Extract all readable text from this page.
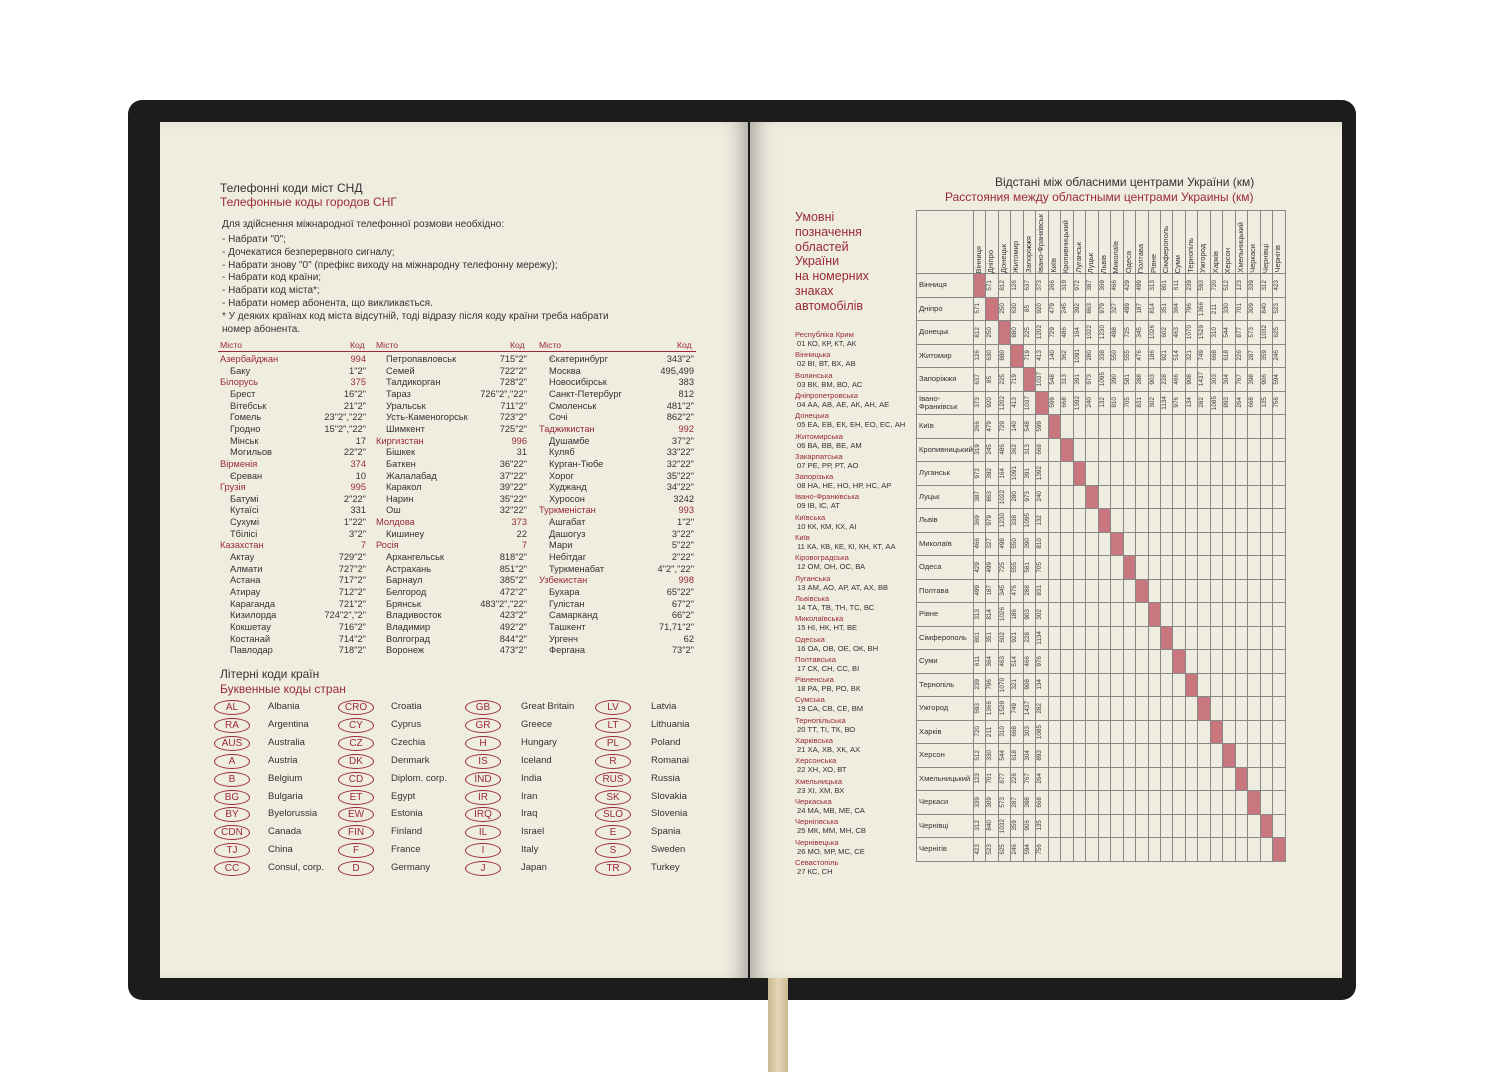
Телефонні коди міст СНД
Телефонные коды городов СНГ
Для здійснення міжнародної телефонної розмови необхідно:
- Набрати "0";
- Дочекатися безперервного сигналу;
- Набрати знову "0" (префікс виходу на міжнародну телефонну мережу);
- Набрати код країни;
- Набрати код міста*;
- Набрати номер абонента, що викликається.
* У деяких країнах код міста відсутній, тоді відразу після коду країни треба набрати
номер абонента.
Місто	Код Місто	Код Місто	Код
Азербайджан	994
Баку	1"2"
Білорусь	375
Брест	16"2"
Вітебськ	21"2"
Гомель	23"2","22"
Гродно	15"2","22"
Мінськ	17
Могильов	22"2"
Вірменія	374
Єреван	10
Грузія	995
Батумі	2"22"
Кутаїсі	331
Сухумі	1"22"
Тбілісі	3"2"
Казахстан	7
Актау	729"2"
Алмати	727"2"
Астана	717"2"
Атирау	712"2"
Караганда	721"2"
Кизилорда	724"2","2"
Кокшетау	716"2"
Костанай	714"2"
Павлодар	718"2"
Петропавловськ	715"2"
Семей	722"2"
Талдикорган	728"2"
Тараз	726"2","22"
Уральськ	711"2"
Усть-Каменогорськ	723"2"
Шимкент	725"2"
Киргизстан	996
Бішкек	31
Баткен	36"22"
Жалалабад	37"22"
Каракол	39"22"
Нарин	35"22"
Ош	32"22"
Молдова	373
Кишинеу	22
Росія	7
Архангельськ	818"2"
Астрахань	851"2"
Барнаул	385"2"
Белгород	472"2"
Брянськ	483"2","22"
Владивосток	423"2"
Владимир	492"2"
Волгоград	844"2"
Воронеж	473"2"
Єкатеринбург	343"2"
Москва	495,499
Новосибірськ	383
Санкт-Петербург	812
Смоленськ	481"2"
Сочі	862"2"
Таджикистан	992
Душамбе	37"2"
Куляб	33"22"
Курган-Тюбе	32"22"
Хорог	35"22"
Худжанд	34"22"
Хуросон	3242
Туркменістан	993
Ашгабат	1"2"
Дашогуз	3"22"
Мари	5"22"
Небітдаг	2"22"
Туркменабат	4"2","22"
Узбекистан	998
Бухара	65"22"
Гулістан	67"2"
Самарканд	66"2"
Ташкент	71,71"2"
Ургенч	62
Фергана	73"2"
Літерні коди країн
Буквенные коды стран
AL	Albania
RA	Argentina
AUS	Australia
A	Austria
B	Belgium
BG	Bulgaria
BY	Byelorussia
CDN	Canada
TJ	China
CC	Consul, corp.
CRO	Croatia
CY	Cyprus
CZ	Czechia
DK	Denmark
CD	Diplom. corp.
ET	Egypt
EW	Estonia
FIN	Finland
F	France
D	Germany
GB	Great Britain
GR	Greece
H	Hungary
IS	Iceland
IND	India
IR	Iran
IRQ	Iraq
IL	Israel
I	Italy
J	Japan
LV	Latvia
LT	Lithuania
PL	Poland
R	Romanai
RUS	Russia
SK	Slovakia
SLO	Slovenia
E	Spania
S	Sweden
TR	Turkey
Відстані між обласними центрами України (км)
Расстояния между областными центрами Украины (км)
Умовні
позначення
областей
України
на номерних
знаках
автомобілів
Республіка Крим
01 КО, КР, КТ, АК
Вінницька
02 ВІ, ВТ, ВХ, АВ
Волинська
03 ВК, ВМ, ВО, АС
Дніпропетровська
04 АА, АВ, АЕ, АК, АН, АЕ
Донецька
05 ЕА, ЕВ, ЕК, ЕН, ЕО, ЕС, АН
Житомирська
06 ВА, ВВ, ВЕ, АМ
Закарпатська
07 РЕ, РР, РТ, АО
Запорізька
08 НА, НЕ, НО, НР, НС, АР
Івано-Франківська
09 ІВ, ІС, АТ
Київська
10 КК, КМ, КХ, АІ
Київ
11 КА, КВ, КЕ, КІ, КН, КТ, АА
Кіровоградська
12 ОМ, ОН, ОС, ВА
Луганська
13 АМ, АО, АР, АТ, АХ, ВВ
Львівська
14 ТА, ТВ, ТН, ТС, ВС
Миколаївська
15 НІ, НК, НТ, ВЕ
Одеська
16 ОА, ОВ, ОЕ, ОК, ВН
Полтавська
17 СК, СН, СС, ВІ
Рівненська
18 РА, РВ, РО, ВК
Сумська
19 СА, СВ, СЕ, ВМ
Тернопільська
20 ТТ, ТІ, ТК, ВО
Харківська
21 ХА, ХВ, ХК, АХ
Херсонська
22 ХН, ХО, ВТ
Хмельницька
23 ХІ, ХМ, ВХ
Черкаська
24 МА, МВ, МЕ, СА
Чернігівська
25 МК, ММ, МН, СВ
Чернівецька
26 МО, МР, МС, СЕ
Севастопіль
27 КС, СН

	Вінниця	Дніпро	Донецьк	Житомир	Запоріжжя	Івано-Франківськ	Київ	Кропивницький	Луганськ	Луцьк	Львів	Миколаїв	Одеса	Полтава	Рівне	Сімферополь	Суми	Тернопіль	Ужгород	Харків	Херсон	Хмельницький	Черкаси	Чернівці	Чернігів

Вінниця		571	812	126	637	373	266	319	972	387	369	466	429	499	313	801	611	239	593	720	512	123	339	312	423

Дніпро	571		250	630	85	920	479	245	392	863	979	327	499	187	814	351	364	796	1366	211	330	701	309	840	523

Донецьк	812	250		880	225	1202	729	486	164	1022	1230	498	725	345	1026	602	463	1070	1529	310	544	877	573	1032	625

Житомир	126	630	880		719	413	140	362	1091	280	338	550	555	476	186	921	514	321	749	668	618	226	287	359	246

Запоріжжя	637	85	225	719		1037	548	313	391	973	1095	390	581	288	903	228	466	908	1437	303	304	767	398	906	594

Івано-
Франківськ	373	920	1202	413	1037		599	668	1392	240	132	810	705	831	302	1134	976	134	282	1085	893	264	668	135	756

Київ	266	479	729	140	548	599																			

Кропивницький	319	245	486	362	313	668																			

Луганськ	972	392	164	1091	391	1392																			

Луцьк	387	863	1022	280	973	240																			

Львів	369	979	1230	338	1095	132																			

Миколаїв	466	327	498	550	390	810																			

Одеса	429	499	725	555	581	705																			

Полтава	499	187	345	476	288	831																			

Рівне	313	814	1026	186	903	302																			

Сімферополь	801	351	602	921	228	1134																			

Суми	611	364	463	514	466	976																			

Тернопіль	239	796	1070	321	908	134																			

Ужгород	593	1366	1529	749	1437	282																			

Харків	720	211	310	668	303	1085																			

Херсон	512	330	544	618	304	893																			

Хмельницький	123	701	877	226	767	264																			

Черкаси	339	309	573	287	398	668																			

Чернівці	312	840	1032	359	906	135																			

Чернігів	423	523	625	246	594	756																			
